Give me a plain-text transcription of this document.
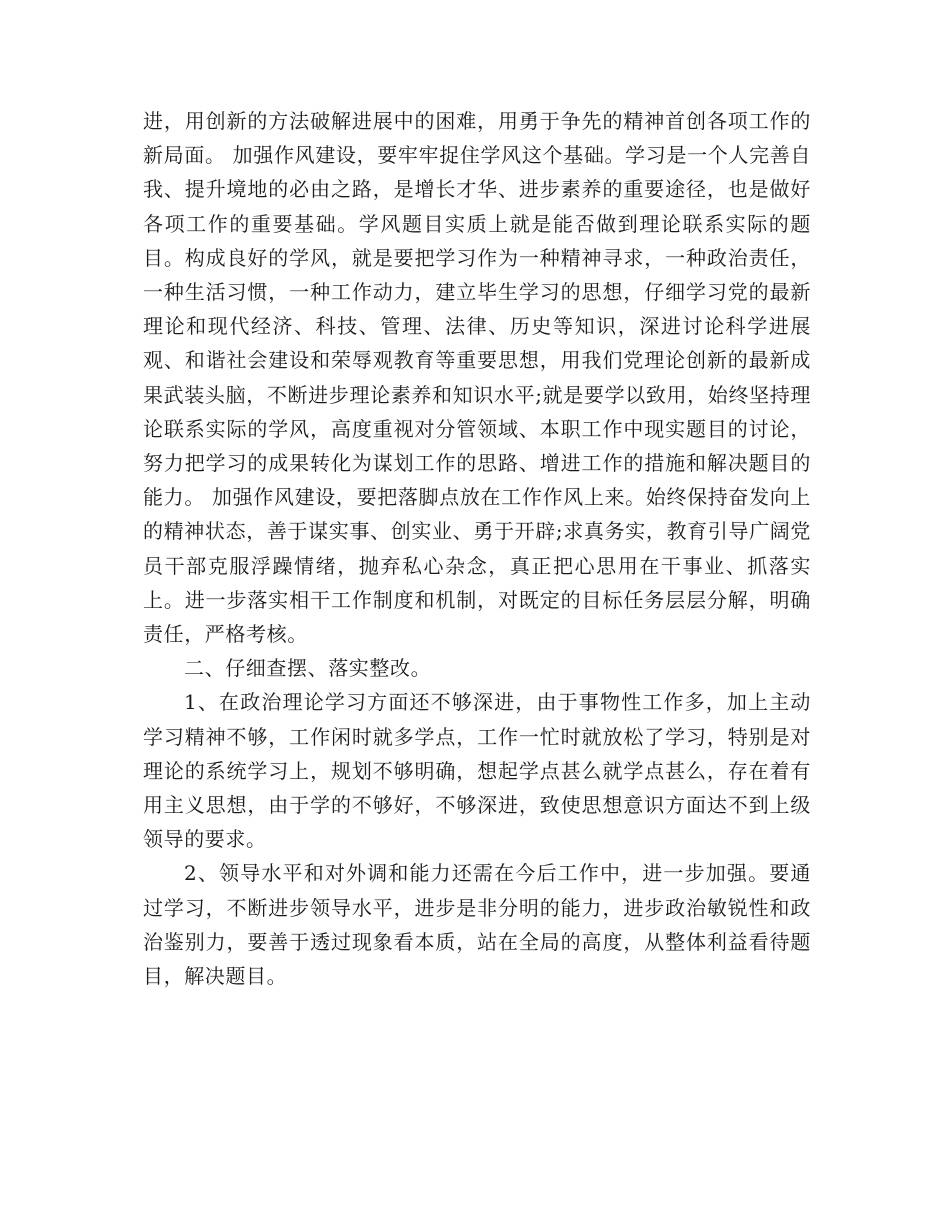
进，用创新的方法破解进展中的困难，用勇于争先的精神首创各项工作的新局面。 加强作风建设，要牢牢捉住学风这个基础。学习是一个人完善自我、提升境地的必由之路，是增长才华、进步素养的重要途径，也是做好各项工作的重要基础。学风题目实质上就是能否做到理论联系实际的题目。构成良好的学风，就是要把学习作为一种精神寻求，一种政治责任，一种生活习惯，一种工作动力，建立毕生学习的思想，仔细学习党的最新理论和现代经济、科技、管理、法律、历史等知识，深进讨论科学进展观、和谐社会建设和荣辱观教育等重要思想，用我们党理论创新的最新成果武装头脑，不断进步理论素养和知识水平;就是要学以致用，始终坚持理论联系实际的学风，高度重视对分管领域、本职工作中现实题目的讨论，努力把学习的成果转化为谋划工作的思路、增进工作的措施和解决题目的能力。 加强作风建设，要把落脚点放在工作作风上来。始终保持奋发向上的精神状态，善于谋实事、创实业、勇于开辟;求真务实，教育引导广阔党员干部克服浮躁情绪，抛弃私心杂念，真正把心思用在干事业、抓落实上。进一步落实相干工作制度和机制，对既定的目标任务层层分解，明确责任，严格考核。

二、仔细查摆、落实整改。

1、在政治理论学习方面还不够深进，由于事物性工作多，加上主动学习精神不够，工作闲时就多学点，工作一忙时就放松了学习，特别是对理论的系统学习上，规划不够明确，想起学点甚么就学点甚么，存在着有用主义思想，由于学的不够好，不够深进，致使思想意识方面达不到上级领导的要求。

2、领导水平和对外调和能力还需在今后工作中，进一步加强。要通过学习，不断进步领导水平，进步是非分明的能力，进步政治敏锐性和政治鉴别力，要善于透过现象看本质，站在全局的高度，从整体利益看待题目，解决题目。
